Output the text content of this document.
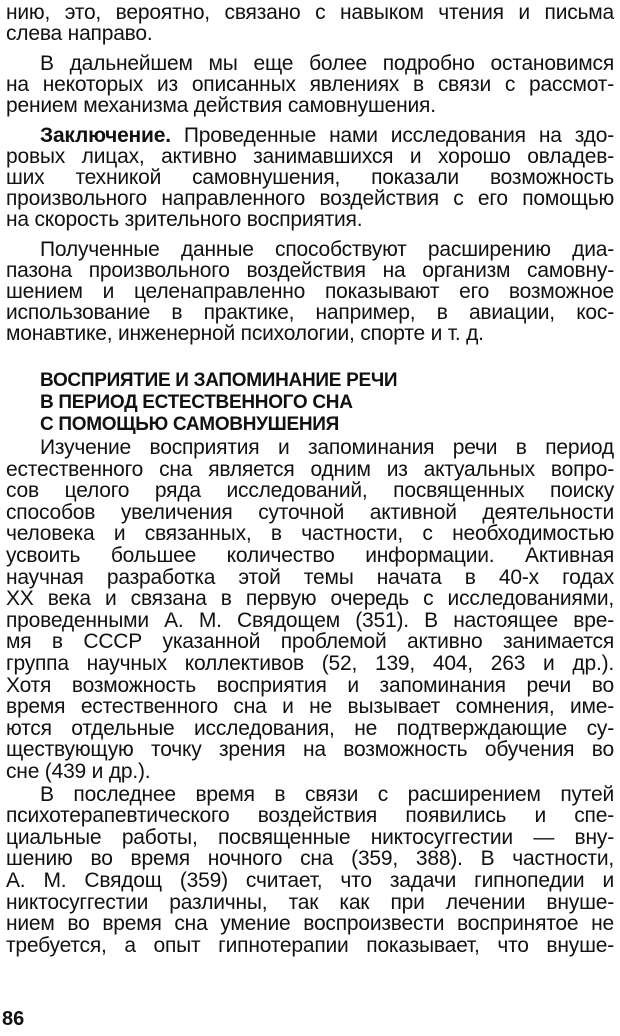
нию, это, вероятно, связано с навыком чтения и письма
слева направо.
В дальнейшем мы еще более подробно остановимся
на некоторых из описанных явлениях в связи с рассмот-
рением механизма действия самовнушения.
Заключение. Проведенные нами исследования на здо-
ровых лицах, активно занимавшихся и хорошо овладев-
ших техникой самовнушения, показали возможность
произвольного направленного воздействия с его помощью
на скорость зрительного восприятия.
Полученные данные способствуют расширению диа-
пазона произвольного воздействия на организм самовну-
шением и целенаправленно показывают его возможное
использование в практике, например, в авиации, кос-
монавтике, инженерной психологии, спорте и т. д.
ВОСПРИЯТИЕ И ЗАПОМИНАНИЕ РЕЧИ
В ПЕРИОД ЕСТЕСТВЕННОГО СНА
С ПОМОЩЬЮ САМОВНУШЕНИЯ
Изучение восприятия и запоминания речи в период
естественного сна является одним из актуальных вопро-
сов целого ряда исследований, посвященных поиску
способов увеличения суточной активной деятельности
человека и связанных, в частности, с необходимостью
усвоить большее количество информации. Активная
научная разработка этой темы начата в 40-х годах
XX века и связана в первую очередь с исследованиями,
проведенными А. М. Свядощем (351). В настоящее вре-
мя в СССР указанной проблемой активно занимается
группа научных коллективов (52, 139, 404, 263 и др.).
Хотя возможность восприятия и запоминания речи во
время естественного сна и не вызывает сомнения, име-
ются отдельные исследования, не подтверждающие су-
ществующую точку зрения на возможность обучения во
сне (439 и др.).
В последнее время в связи с расширением путей
психотерапевтического воздействия появились и спе-
циальные работы, посвященные никтосуггестии — вну-
шению во время ночного сна (359, 388). В частности,
А. М. Свядощ (359) считает, что задачи гипнопедии и
никтосуггестии различны, так как при лечении внуше-
нием во время сна умение воспроизвести воспринятое не
требуется, а опыт гипнотерапии показывает, что внуше-
86
